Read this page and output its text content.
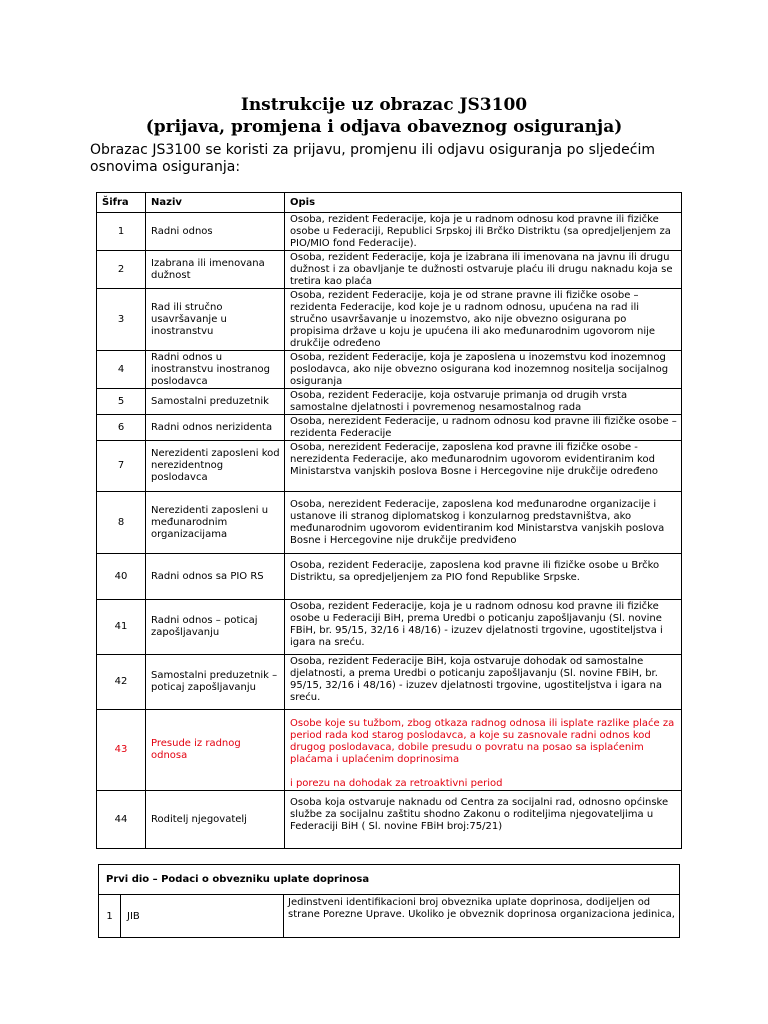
Instrukcije uz obrazac JS3100
(prijava, promjena i odjava obaveznog osiguranja)
Obrazac JS3100 se koristi za prijavu, promjenu ili odjavu osiguranja po sljedećim osnovima osiguranja:
Šifra	Naziv	Opis
1	Radni odnos	Osoba, rezident Federacije, koja je u radnom odnosu kod pravne ili fizičke osobe u Federaciji, Republici Srpskoj ili Brčko Distriktu (sa opredjeljenjem za PIO/MIO fond Federacije).
2	Izabrana ili imenovana dužnost	Osoba, rezident Federacije, koja je izabrana ili imenovana na javnu ili drugu dužnost i za obavljanje te dužnosti ostvaruje plaću ili drugu naknadu koja se tretira kao plaća
3	Rad ili stručno usavršavanje u inostranstvu	Osoba, rezident Federacije, koja je od strane pravne ili fizičke osobe – rezidenta Federacije, kod koje je u radnom odnosu, upućena na rad ili stručno usavršavanje u inozemstvo, ako nije obvezno osigurana po propisima države u koju je upućena ili ako međunarodnim ugovorom nije drukčije određeno
4	Radni odnos u inostranstvu inostranog poslodavca	Osoba, rezident Federacije, koja je zaposlena u inozemstvu kod inozemnog poslodavca, ako nije obvezno osigurana kod inozemnog nositelja socijalnog osiguranja
5	Samostalni preduzetnik	Osoba, rezident Federacije, koja ostvaruje primanja od drugih vrsta samostalne djelatnosti i povremenog nesamostalnog rada
6	Radni odnos nerizidenta	Osoba, nerezident Federacije, u radnom odnosu kod pravne ili fizičke osobe – rezidenta Federacije
7	Nerezidenti zaposleni kod nerezidentnog poslodavca	Osoba, nerezident Federacije, zaposlena kod pravne ili fizičke osobe - nerezidenta Federacije, ako međunarodnim ugovorom evidentiranim kod Ministarstva vanjskih poslova Bosne i Hercegovine nije drukčije određeno
8	Nerezidenti zaposleni u međunarodnim organizacijama	Osoba, nerezident Federacije, zaposlena kod međunarodne organizacije i ustanove ili stranog diplomatskog i konzularnog predstavništva, ako međunarodnim ugovorom evidentiranim kod Ministarstva vanjskih poslova Bosne i Hercegovine nije drukčije predviđeno
40	Radni odnos sa PIO RS	Osoba, rezident Federacije, zaposlena kod pravne ili fizičke osobe u Brčko Distriktu, sa opredjeljenjem za PIO fond Republike Srpske.
41	Radni odnos – poticaj zapošljavanju	Osoba, rezident Federacije, koja je u radnom odnosu kod pravne ili fizičke osobe u Federaciji BiH, prema Uredbi o poticanju zapošljavanju (Sl. novine FBiH, br. 95/15, 32/16 i 48/16) - izuzev djelatnosti trgovine, ugostiteljstva i igara na sreću.
42	Samostalni preduzetnik – poticaj zapošljavanju	Osoba, rezident Federacije BiH, koja ostvaruje dohodak od samostalne djelatnosti, a prema Uredbi o poticanju zapošljavanju (Sl. novine FBiH, br. 95/15, 32/16 i 48/16) - izuzev djelatnosti trgovine, ugostiteljstva i igara na sreću.
43	Presude iz radnog odnosa	Osobe koje su tužbom, zbog otkaza radnog odnosa ili isplate razlike plaće za period rada kod starog poslodavca, a koje su zasnovale radni odnos kod drugog poslodavaca, dobile presudu o povratu na posao sa isplaćenim plaćama i uplaćenim doprinosima
i porezu na dohodak za retroaktivni period
44	Roditelj njegovatelj	Osoba koja ostvaruje naknadu od Centra za socijalni rad, odnosno općinske službe za socijalnu zaštitu shodno Zakonu o roditeljima njegovateljima u Federaciji BiH ( Sl. novine FBiH broj:75/21)
Prvi dio – Podaci o obvezniku uplate doprinosa
1	JIB	Jedinstveni identifikacioni broj obveznika uplate doprinosa, dodijeljen od strane Porezne Uprave. Ukoliko je obveznik doprinosa organizaciona jedinica,
